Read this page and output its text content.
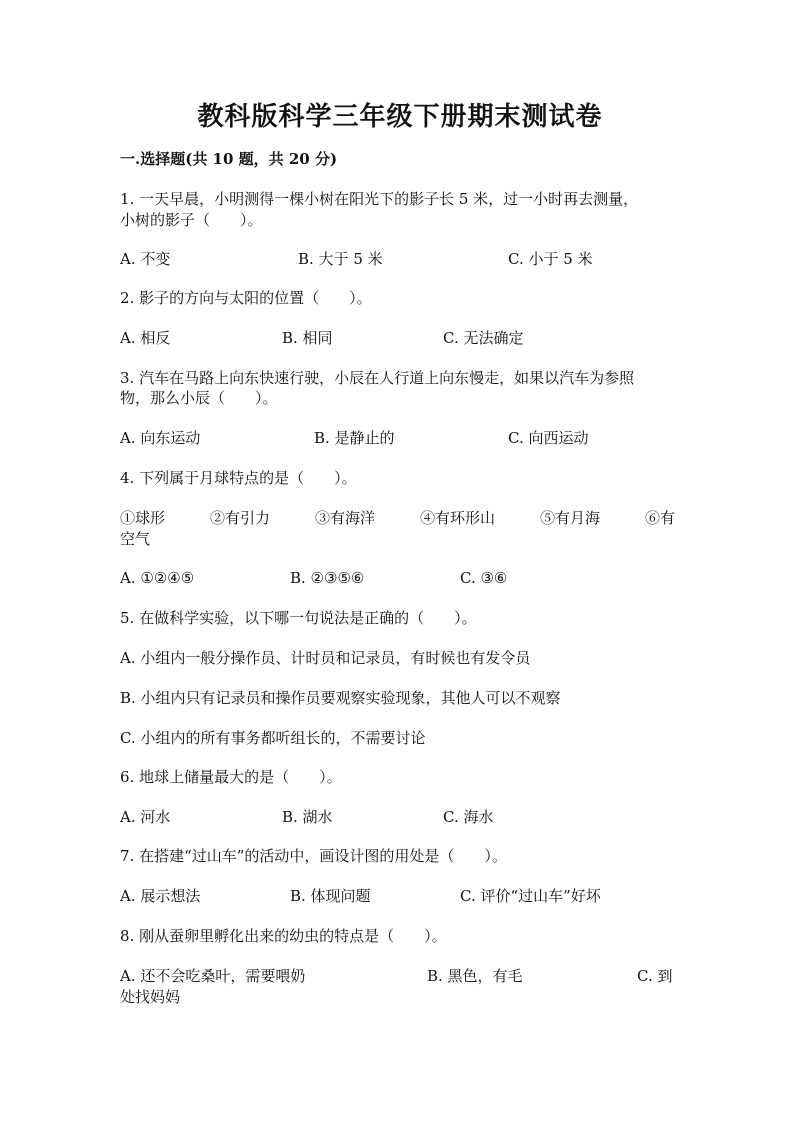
教科版科学三年级下册期末测试卷
一.选择题(共 10 题，共 20 分)
1. 一天早晨，小明测得一棵小树在阳光下的影子长 5 米，过一小时再去测量，
小树的影子（　　）。
A. 不变	B. 大于 5 米	C. 小于 5 米
2. 影子的方向与太阳的位置（　　）。
A. 相反	B. 相同	C. 无法确定
3. 汽车在马路上向东快速行驶，小辰在人行道上向东慢走，如果以汽车为参照
物，那么小辰（　　）。
A. 向东运动	B. 是静止的	C. 向西运动
4. 下列属于月球特点的是（　　）。
①球形	②有引力	③有海洋	④有环形山	⑤有月海	⑥有
空气
A. ①②④⑤	B. ②③⑤⑥	C. ③⑥
5. 在做科学实验，以下哪一句说法是正确的（　　）。
A. 小组内一般分操作员、计时员和记录员，有时候也有发令员
B. 小组内只有记录员和操作员要观察实验现象，其他人可以不观察
C. 小组内的所有事务都听组长的，不需要讨论
6. 地球上储量最大的是（　　）。
A. 河水	B. 湖水	C. 海水
7. 在搭建“过山车”的活动中，画设计图的用处是（　　）。
A. 展示想法	B. 体现问题	C. 评价“过山车”好坏
8. 刚从蚕卵里孵化出来的幼虫的特点是（　　）。
A. 还不会吃桑叶，需要喂奶	B. 黑色，有毛	C. 到
处找妈妈
